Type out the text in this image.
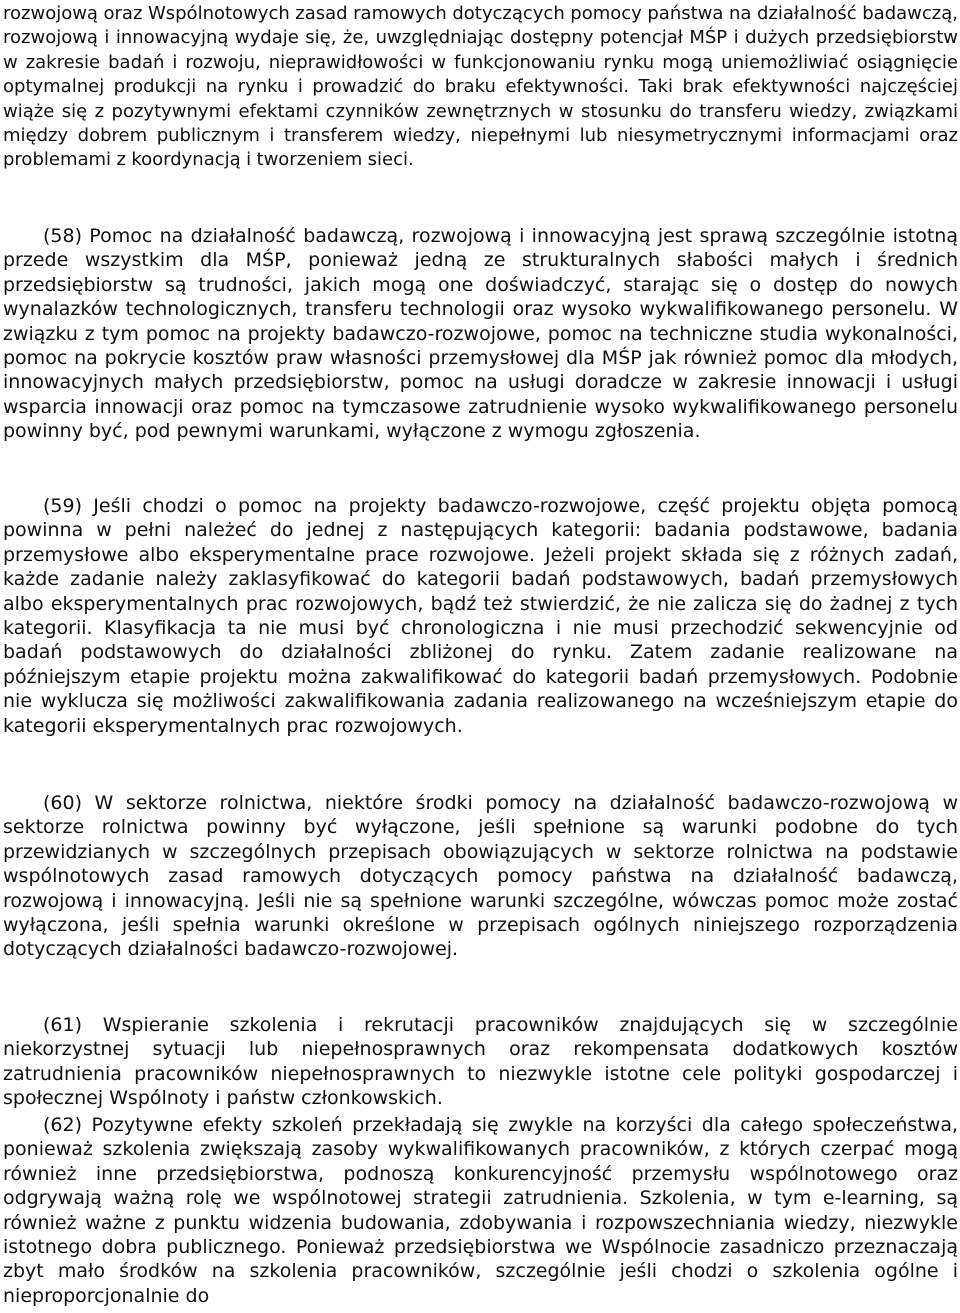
rozwojową oraz Wspólnotowych zasad ramowych dotyczących pomocy państwa na działalność badawczą, rozwojową i innowacyjną wydaje się, że, uwzględniając dostępny potencjał MŚP i dużych przedsiębiorstw w zakresie badań i rozwoju, nieprawidłowości w funkcjonowaniu rynku mogą uniemożliwiać osiągnięcie optymalnej produkcji na rynku i prowadzić do braku efektywności. Taki brak efektywności najczęściej wiąże się z pozytywnymi efektami czynników zewnętrznych w stosunku do transferu wiedzy, związkami między dobrem publicznym i transferem wiedzy, niepełnymi lub niesymetrycznymi informacjami oraz problemami z koordynacją i tworzeniem sieci.

(58) Pomoc na działalność badawczą, rozwojową i innowacyjną jest sprawą szczególnie istotną przede wszystkim dla MŚP, ponieważ jedną ze strukturalnych słabości małych i średnich przedsiębiorstw są trudności, jakich mogą one doświadczyć, starając się o dostęp do nowych wynalazków technologicznych, transferu technologii oraz wysoko wykwalifikowanego personelu. W związku z tym pomoc na projekty badawczo-rozwojowe, pomoc na techniczne studia wykonalności, pomoc na pokrycie kosztów praw własności przemysłowej dla MŚP jak również pomoc dla młodych, innowacyjnych małych przedsiębiorstw, pomoc na usługi doradcze w zakresie innowacji i usługi wsparcia innowacji oraz pomoc na tymczasowe zatrudnienie wysoko wykwalifikowanego personelu powinny być, pod pewnymi warunkami, wyłączone z wymogu zgłoszenia.

(59) Jeśli chodzi o pomoc na projekty badawczo-rozwojowe, część projektu objęta pomocą powinna w pełni należeć do jednej z następujących kategorii: badania podstawowe, badania przemysłowe albo eksperymentalne prace rozwojowe. Jeżeli projekt składa się z różnych zadań, każde zadanie należy zaklasyfikować do kategorii badań podstawowych, badań przemysłowych albo eksperymentalnych prac rozwojowych, bądź też stwierdzić, że nie zalicza się do żadnej z tych kategorii. Klasyfikacja ta nie musi być chronologiczna i nie musi przechodzić sekwencyjnie od badań podstawowych do działalności zbliżonej do rynku. Zatem zadanie realizowane na późniejszym etapie projektu można zakwalifikować do kategorii badań przemysłowych. Podobnie nie wyklucza się możliwości zakwalifikowania zadania realizowanego na wcześniejszym etapie do kategorii eksperymentalnych prac rozwojowych.

(60) W sektorze rolnictwa, niektóre środki pomocy na działalność badawczo-rozwojową w sektorze rolnictwa powinny być wyłączone, jeśli spełnione są warunki podobne do tych przewidzianych w szczególnych przepisach obowiązujących w sektorze rolnictwa na podstawie wspólnotowych zasad ramowych dotyczących pomocy państwa na działalność badawczą, rozwojową i innowacyjną. Jeśli nie są spełnione warunki szczególne, wówczas pomoc może zostać wyłączona, jeśli spełnia warunki określone w przepisach ogólnych niniejszego rozporządzenia dotyczących działalności badawczo-rozwojowej.

(61) Wspieranie szkolenia i rekrutacji pracowników znajdujących się w szczególnie niekorzystnej sytuacji lub niepełnosprawnych oraz rekompensata dodatkowych kosztów zatrudnienia pracowników niepełnosprawnych to niezwykle istotne cele polityki gospodarczej i społecznej Wspólnoty i państw członkowskich.

(62) Pozytywne efekty szkoleń przekładają się zwykle na korzyści dla całego społeczeństwa, ponieważ szkolenia zwiększają zasoby wykwalifikowanych pracowników, z których czerpać mogą również inne przedsiębiorstwa, podnoszą konkurencyjność przemysłu wspólnotowego oraz odgrywają ważną rolę we wspólnotowej strategii zatrudnienia. Szkolenia, w tym e-learning, są również ważne z punktu widzenia budowania, zdobywania i rozpowszechniania wiedzy, niezwykle istotnego dobra publicznego. Ponieważ przedsiębiorstwa we Wspólnocie zasadniczo przeznaczają zbyt mało środków na szkolenia pracowników, szczególnie jeśli chodzi o szkolenia ogólne i nieproporcjonalnie do
